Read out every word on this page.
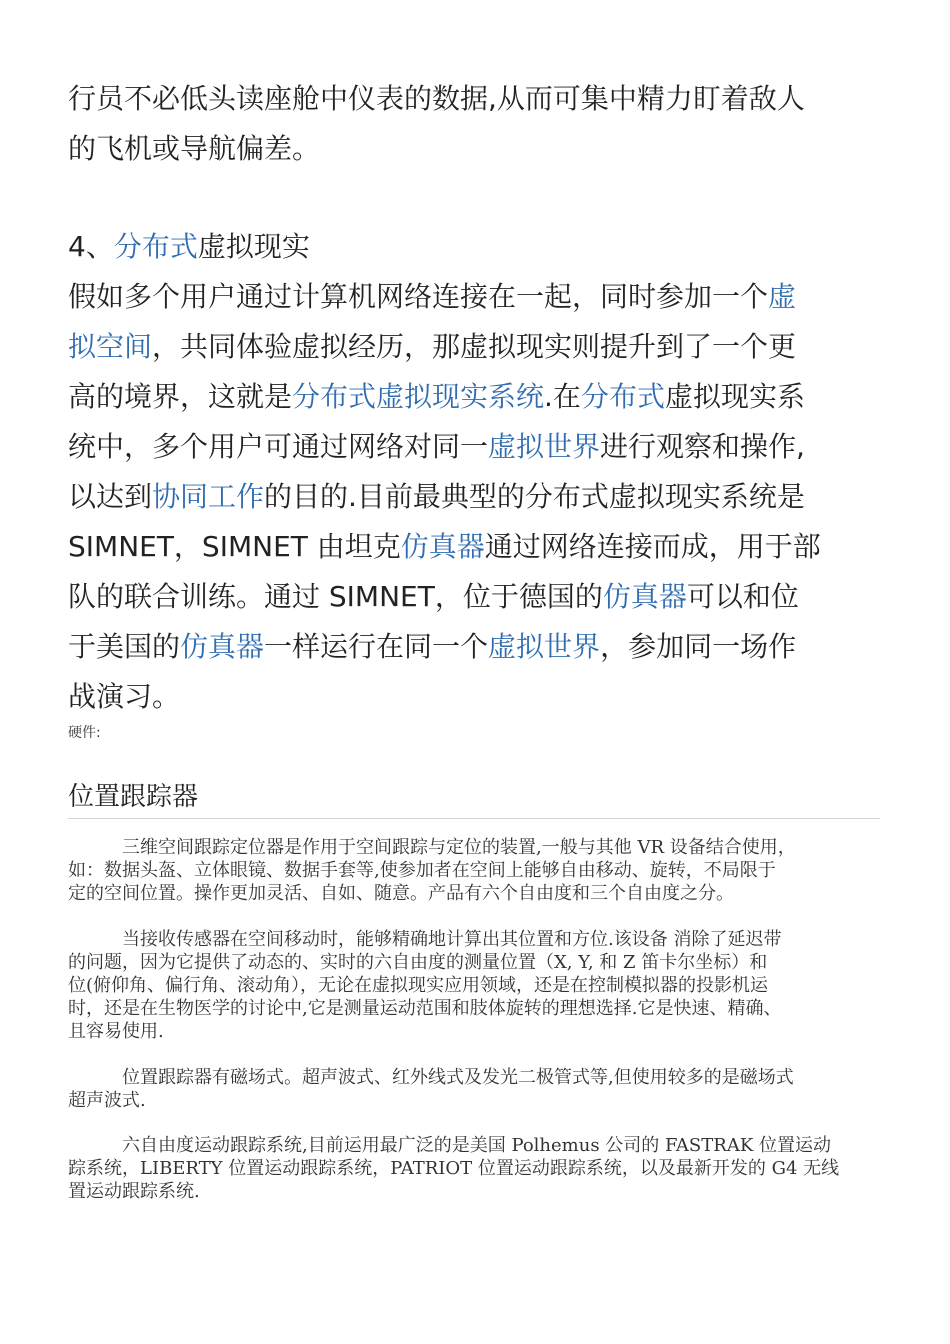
行员不必低头读座舱中仪表的数据,从而可集中精力盯着敌人

的飞机或导航偏差。

4、分布式虚拟现实

假如多个用户通过计算机网络连接在一起，同时参加一个虚

拟空间，共同体验虚拟经历，那虚拟现实则提升到了一个更

高的境界，这就是分布式虚拟现实系统.在分布式虚拟现实系

统中，多个用户可通过网络对同一虚拟世界进行观察和操作,

以达到协同工作的目的.目前最典型的分布式虚拟现实系统是

SIMNET，SIMNET 由坦克仿真器通过网络连接而成，用于部

队的联合训练。通过 SIMNET，位于德国的仿真器可以和位

于美国的仿真器一样运行在同一个虚拟世界，参加同一场作

战演习。

硬件:

位置跟踪器

　　　三维空间跟踪定位器是作用于空间跟踪与定位的装置,一般与其他 VR 设备结合使用，
如：数据头盔、立体眼镜、数据手套等,使参加者在空间上能够自由移动、旋转，不局限于
定的空间位置。操作更加灵活、自如、随意。产品有六个自由度和三个自由度之分。

　　　当接收传感器在空间移动时，能够精确地计算出其位置和方位.该设备 消除了延迟带
的问题，因为它提供了动态的、实时的六自由度的测量位置（X, Y, 和 Z 笛卡尔坐标）和
位(俯仰角、偏行角、滚动角），无论在虚拟现实应用领域，还是在控制模拟器的投影机运
时，还是在生物医学的讨论中,它是测量运动范围和肢体旋转的理想选择.它是快速、精确、
且容易使用.

　　　位置跟踪器有磁场式。超声波式、红外线式及发光二极管式等,但使用较多的是磁场式
超声波式.

　　　六自由度运动跟踪系统,目前运用最广泛的是美国 Polhemus 公司的 FASTRAK 位置运动
踪系统，LIBERTY 位置运动跟踪系统，PATRIOT 位置运动跟踪系统，以及最新开发的 G4 无线
置运动跟踪系统.
